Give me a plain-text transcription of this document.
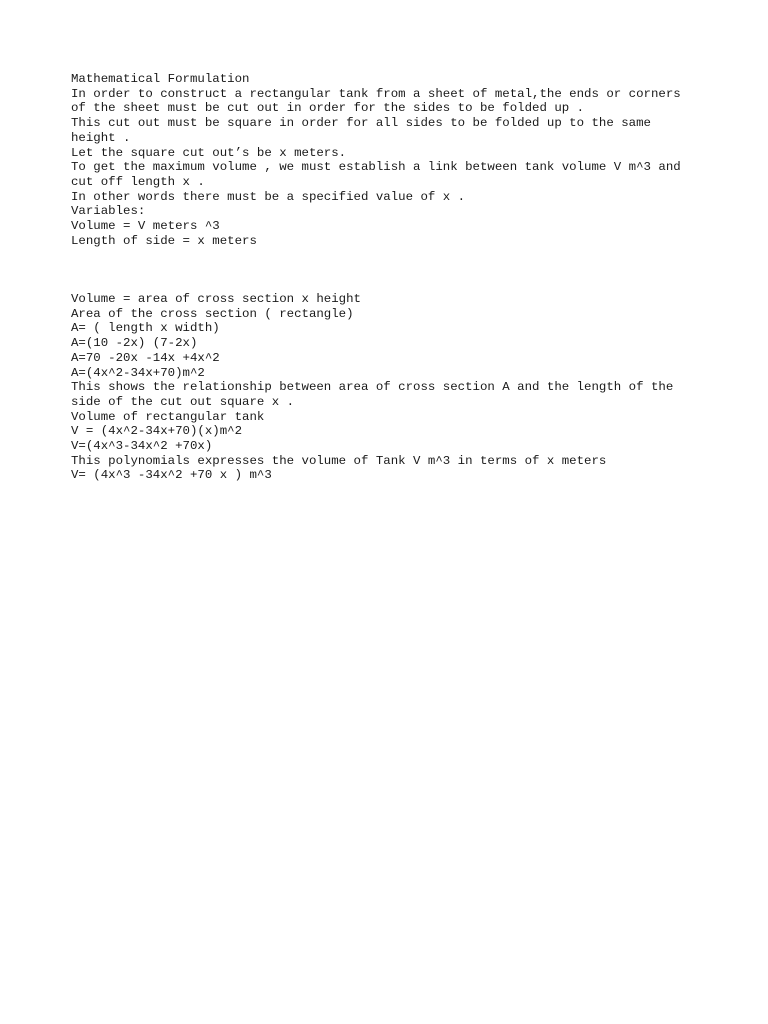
Mathematical Formulation
In order to construct a rectangular tank from a sheet of metal,the ends or corners
of the sheet must be cut out in order for the sides to be folded up .
This cut out must be square in order for all sides to be folded up to the same
height .
Let the square cut out’s be x meters.
To get the maximum volume , we must establish a link between tank volume V m^3 and
cut off length x .
In other words there must be a specified value of x .
Variables:
Volume = V meters ^3
Length of side = x meters
Volume = area of cross section x height
Area of the cross section ( rectangle)
A= ( length x width)
A=(10 -2x) (7-2x)
A=70 -20x -14x +4x^2
A=(4x^2-34x+70)m^2
This shows the relationship between area of cross section A and the length of the
side of the cut out square x .
Volume of rectangular tank
V = (4x^2-34x+70)(x)m^2
V=(4x^3-34x^2 +70x)
This polynomials expresses the volume of Tank V m^3 in terms of x meters
V= (4x^3 -34x^2 +70 x ) m^3
